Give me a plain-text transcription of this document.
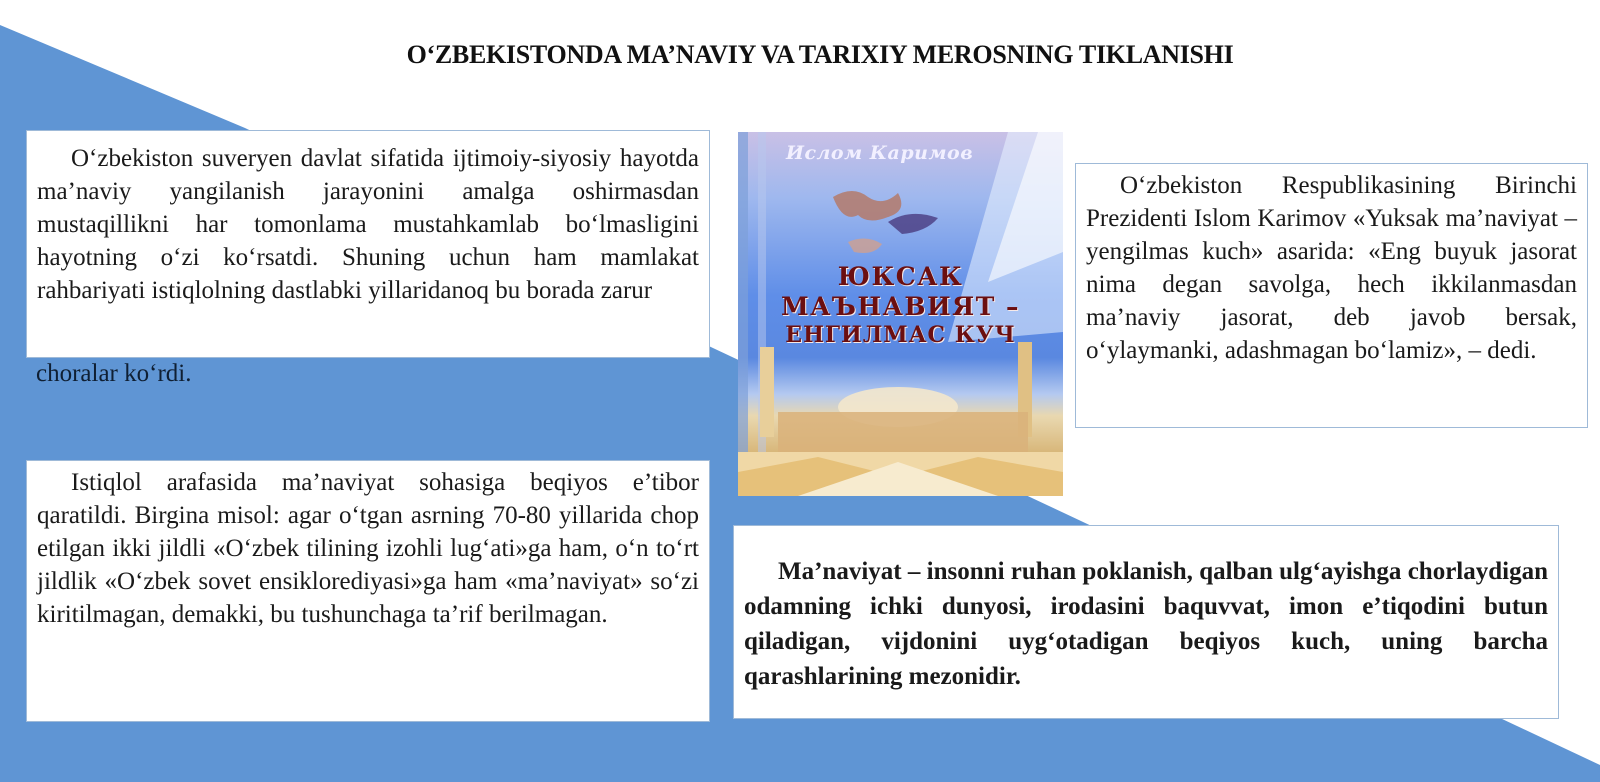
O‘ZBEKISTONDA MA’NAVIY VA TARIXIY MEROSNING TIKLANISHI
O‘zbekiston suveryen davlat sifatida ijtimoiy-siyosiy hayotda ma’naviy yangilanish jarayonini amalga oshirmasdan mustaqillikni har tomonlama mustahkamlab bo‘lmasligini hayotning o‘zi ko‘rsatdi. Shuning uchun ham mamlakat rahbariyati istiqlolning dastlabki yillaridanoq bu borada zarur
choralar ko‘rdi.
Istiqlol arafasida ma’naviyat sohasiga beqiyos e’tibor qaratildi. Birgina misol: agar o‘tgan asrning 70-80 yillarida chop etilgan ikki jildli «O‘zbek tilining izohli lug‘ati»ga ham, o‘n to‘rt jildlik «O‘zbek sovet ensiklorediyasi»ga ham «ma’naviyat» so‘zi kiritilmagan, demakki, bu tushunchaga ta’rif berilmagan.
Ислом Каримов
ЮКСАК
МАЪНАВИЯТ –
ЕНГИЛМАС КУЧ
O‘zbekiston Respublikasining Birinchi Prezidenti Islom Karimov «Yuksak ma’naviyat – yengilmas kuch» asarida: «Eng buyuk jasorat nima degan savolga, hech ikkilanmasdan ma’naviy jasorat, deb javob bersak, o‘ylaymanki, adashmagan bo‘lamiz», – dedi.
Ma’naviyat – insonni ruhan poklanish, qalban ulg‘ayishga chorlaydigan odamning ichki dunyosi, irodasini baquvvat, imon e’tiqodini butun qiladigan, vijdonini uyg‘otadigan beqiyos kuch, uning barcha qarashlarining mezonidir.
